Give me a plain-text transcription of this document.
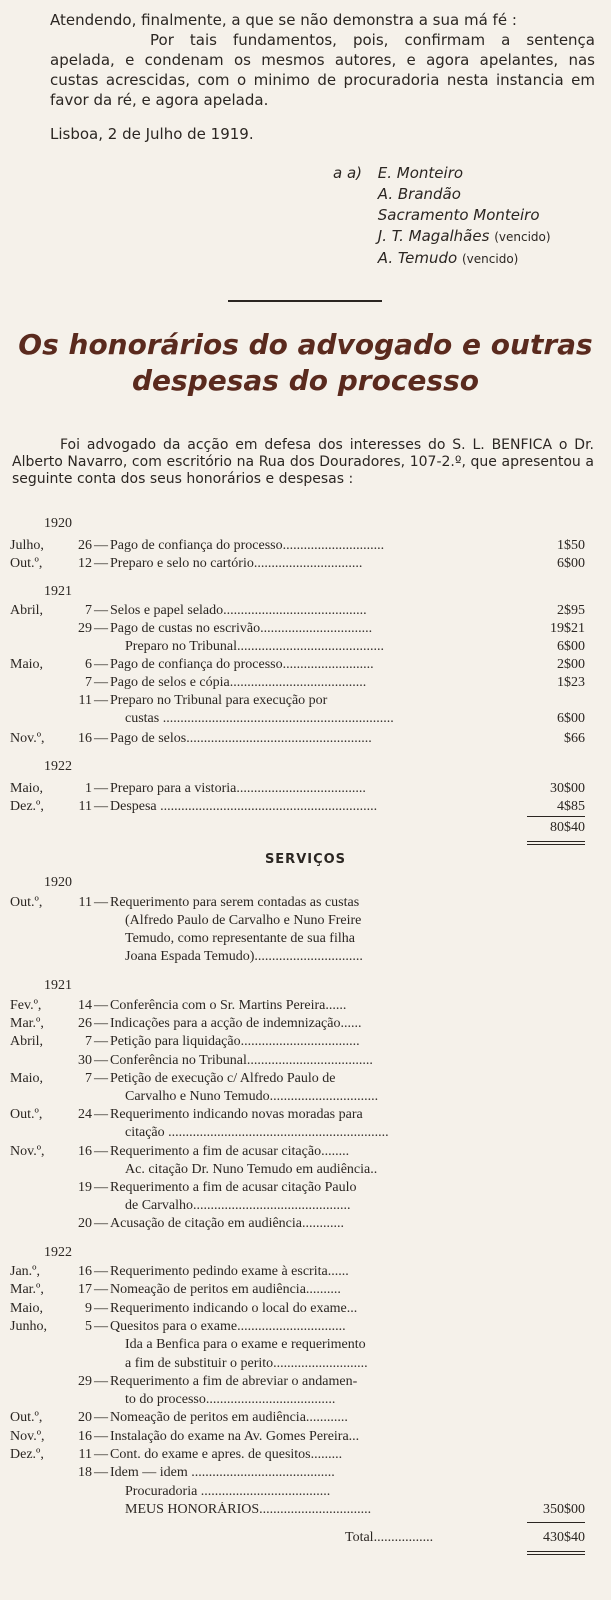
Atendendo, finalmente, a que se não demonstra a sua má fé :
Por tais fundamentos, pois, confirmam a sentença apelada, e condenam os mesmos autores, e agora apelantes, nas custas acrescidas, com o minimo de procuradoria nesta instancia em favor da ré, e agora apelada.
Lisboa, 2 de Julho de 1919.
a a) E. Monteiro
A. Brandão
Sacramento Monteiro
J. T. Magalhães (vencido)
A. Temudo (vencido)
Os honorários do advogado e outras
despesas do processo

Foi advogado da acção em defesa dos interesses do S. L. BENFICA o Dr. Alberto Navarro, com escritório na Rua dos Douradores, 107-2.º, que apresentou a seguinte conta dos seus honorários e despesas :

1920
Julho,	26 — Pago de confiança do processo.............................	1$50
Out.º,	12 — Preparo e selo no cartório...............................	6$00
1921
Abril,	7 — Selos e papel selado.........................................	2$95
29 — Pago de custas no escrivão................................	19$21
Preparo no Tribunal..........................................	6$00
Maio,	6 — Pago de confiança do processo..........................	2$00
7 — Pago de selos e cópia.......................................	1$23
11 — Preparo no Tribunal para execução por
custas ..................................................................	6$00
Nov.º,	16 — Pago de selos.....................................................	$66
1922
Maio,	1 — Preparo para a vistoria.....................................	30$00
Dez.º,	11 — Despesa ..............................................................	4$85
80$40
SERVIÇOS
1920
Out.º,	11 — Requerimento para serem contadas as custas
(Alfredo Paulo de Carvalho e Nuno Freire
Temudo, como representante de sua filha
Joana Espada Temudo)...............................
1921
Fev.º,	14 — Conferência com o Sr. Martins Pereira......
Mar.º,	26 — Indicações para a acção de indemnização......
Abril,	7 — Petição para liquidação..................................
30 — Conferência no Tribunal....................................
Maio,	7 — Petição de execução c/ Alfredo Paulo de
Carvalho e Nuno Temudo...............................
Out.º,	24 — Requerimento indicando novas moradas para
citação ...............................................................
Nov.º,	16 — Requerimento a fim de acusar citação........
Ac. citação Dr. Nuno Temudo em audiência..
19 — Requerimento a fim de acusar citação Paulo
de Carvalho.............................................
20 — Acusação de citação em audiência............
1922
Jan.º,	16 — Requerimento pedindo exame à escrita......
Mar.º,	17 — Nomeação de peritos em audiência..........
Maio,	9 — Requerimento indicando o local do exame...
Junho,	5 — Quesitos para o exame...............................
Ida a Benfica para o exame e requerimento
a fim de substituir o perito...........................
29 — Requerimento a fim de abreviar o andamen-
to do processo.....................................
Out.º,	20 — Nomeação de peritos em audiência............
Nov.º,	16 — Instalação do exame na Av. Gomes Pereira...
Dez.º,	11 — Cont. do exame e apres. de quesitos.........
18 — Idem — idem .........................................
Procuradoria .....................................
MEUS HONORÁRIOS................................	350$00
Total.................	430$40
